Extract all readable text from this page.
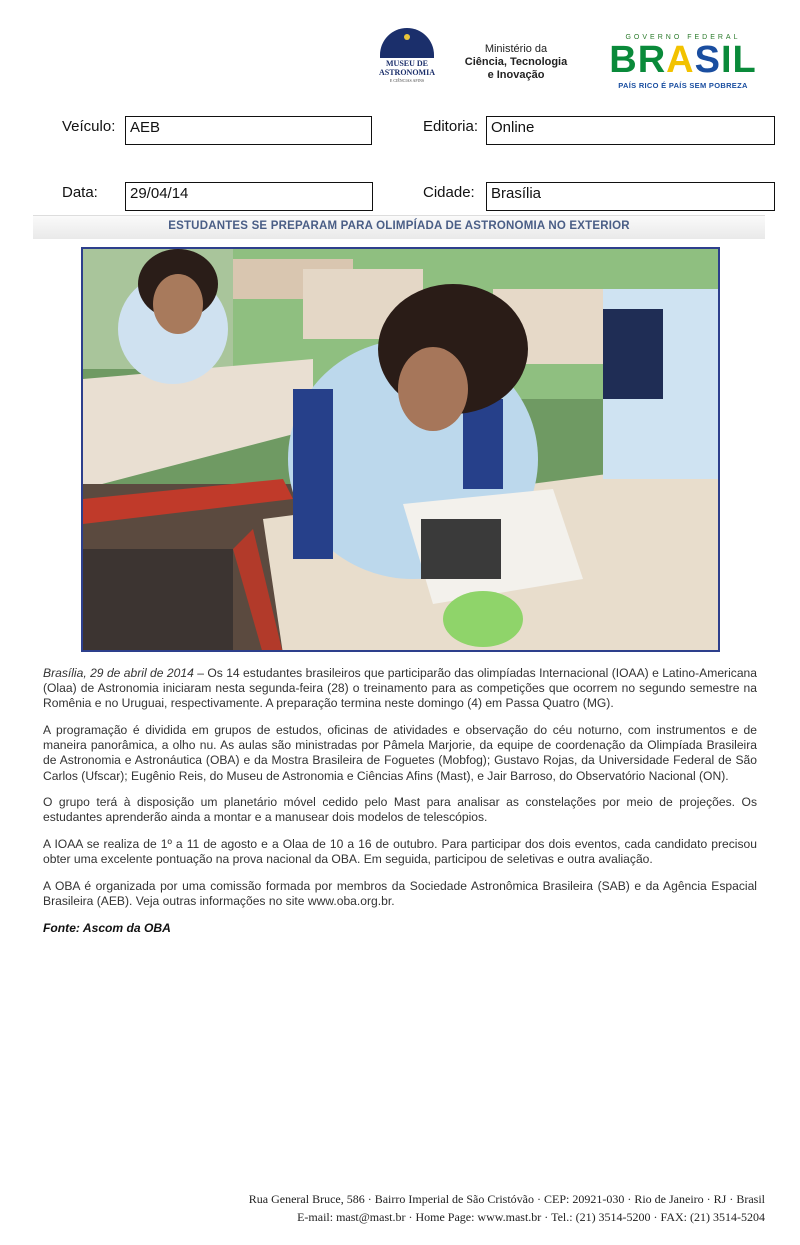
MUSEU DE
ASTRONOMIA
E CIÊNCIAS AFINS
Ministério da
Ciência, Tecnologia
e Inovação
GOVERNO FEDERAL
BRASIL
PAÍS RICO É PAÍS SEM POBREZA
Veículo: AEB	Editoria: Online
Data:	29/04/14	Cidade:	Brasília
ESTUDANTES SE PREPARAM PARA OLIMPÍADA DE ASTRONOMIA NO EXTERIOR

Brasília, 29 de abril de 2014 – Os 14 estudantes brasileiros que participarão das olimpíadas Internacional (IOAA) e Latino-Americana (Olaa) de Astronomia iniciaram nesta segunda-feira (28) o treinamento para as competições que ocorrem no segundo semestre na Romênia e no Uruguai, respectivamente. A preparação termina neste domingo (4) em Passa Quatro (MG).

A programação é dividida em grupos de estudos, oficinas de atividades e observação do céu noturno, com instrumentos e de maneira panorâmica, a olho nu. As aulas são ministradas por Pâmela Marjorie, da equipe de coordenação da Olimpíada Brasileira de Astronomia e Astronáutica (OBA) e da Mostra Brasileira de Foguetes (Mobfog); Gustavo Rojas, da Universidade Federal de São Carlos (Ufscar); Eugênio Reis, do Museu de Astronomia e Ciências Afins (Mast), e Jair Barroso, do Observatório Nacional (ON).

O grupo terá à disposição um planetário móvel cedido pelo Mast para analisar as constelações por meio de projeções. Os estudantes aprenderão ainda a montar e a manusear dois modelos de telescópios.

A IOAA se realiza de 1º a 11 de agosto e a Olaa de 10 a 16 de outubro. Para participar dos dois eventos, cada candidato precisou obter uma excelente pontuação na prova nacional da OBA. Em seguida, participou de seletivas e outra avaliação.

A OBA é organizada por uma comissão formada por membros da Sociedade Astronômica Brasileira (SAB) e da Agência Espacial Brasileira (AEB). Veja outras informações no site www.oba.org.br.

Fonte: Ascom da OBA

Rua General Bruce, 586 · Bairro Imperial de São Cristóvão · CEP: 20921-030 · Rio de Janeiro · RJ · Brasil
E-mail: mast@mast.br · Home Page: www.mast.br · Tel.: (21) 3514-5200 · FAX: (21) 3514-5204
